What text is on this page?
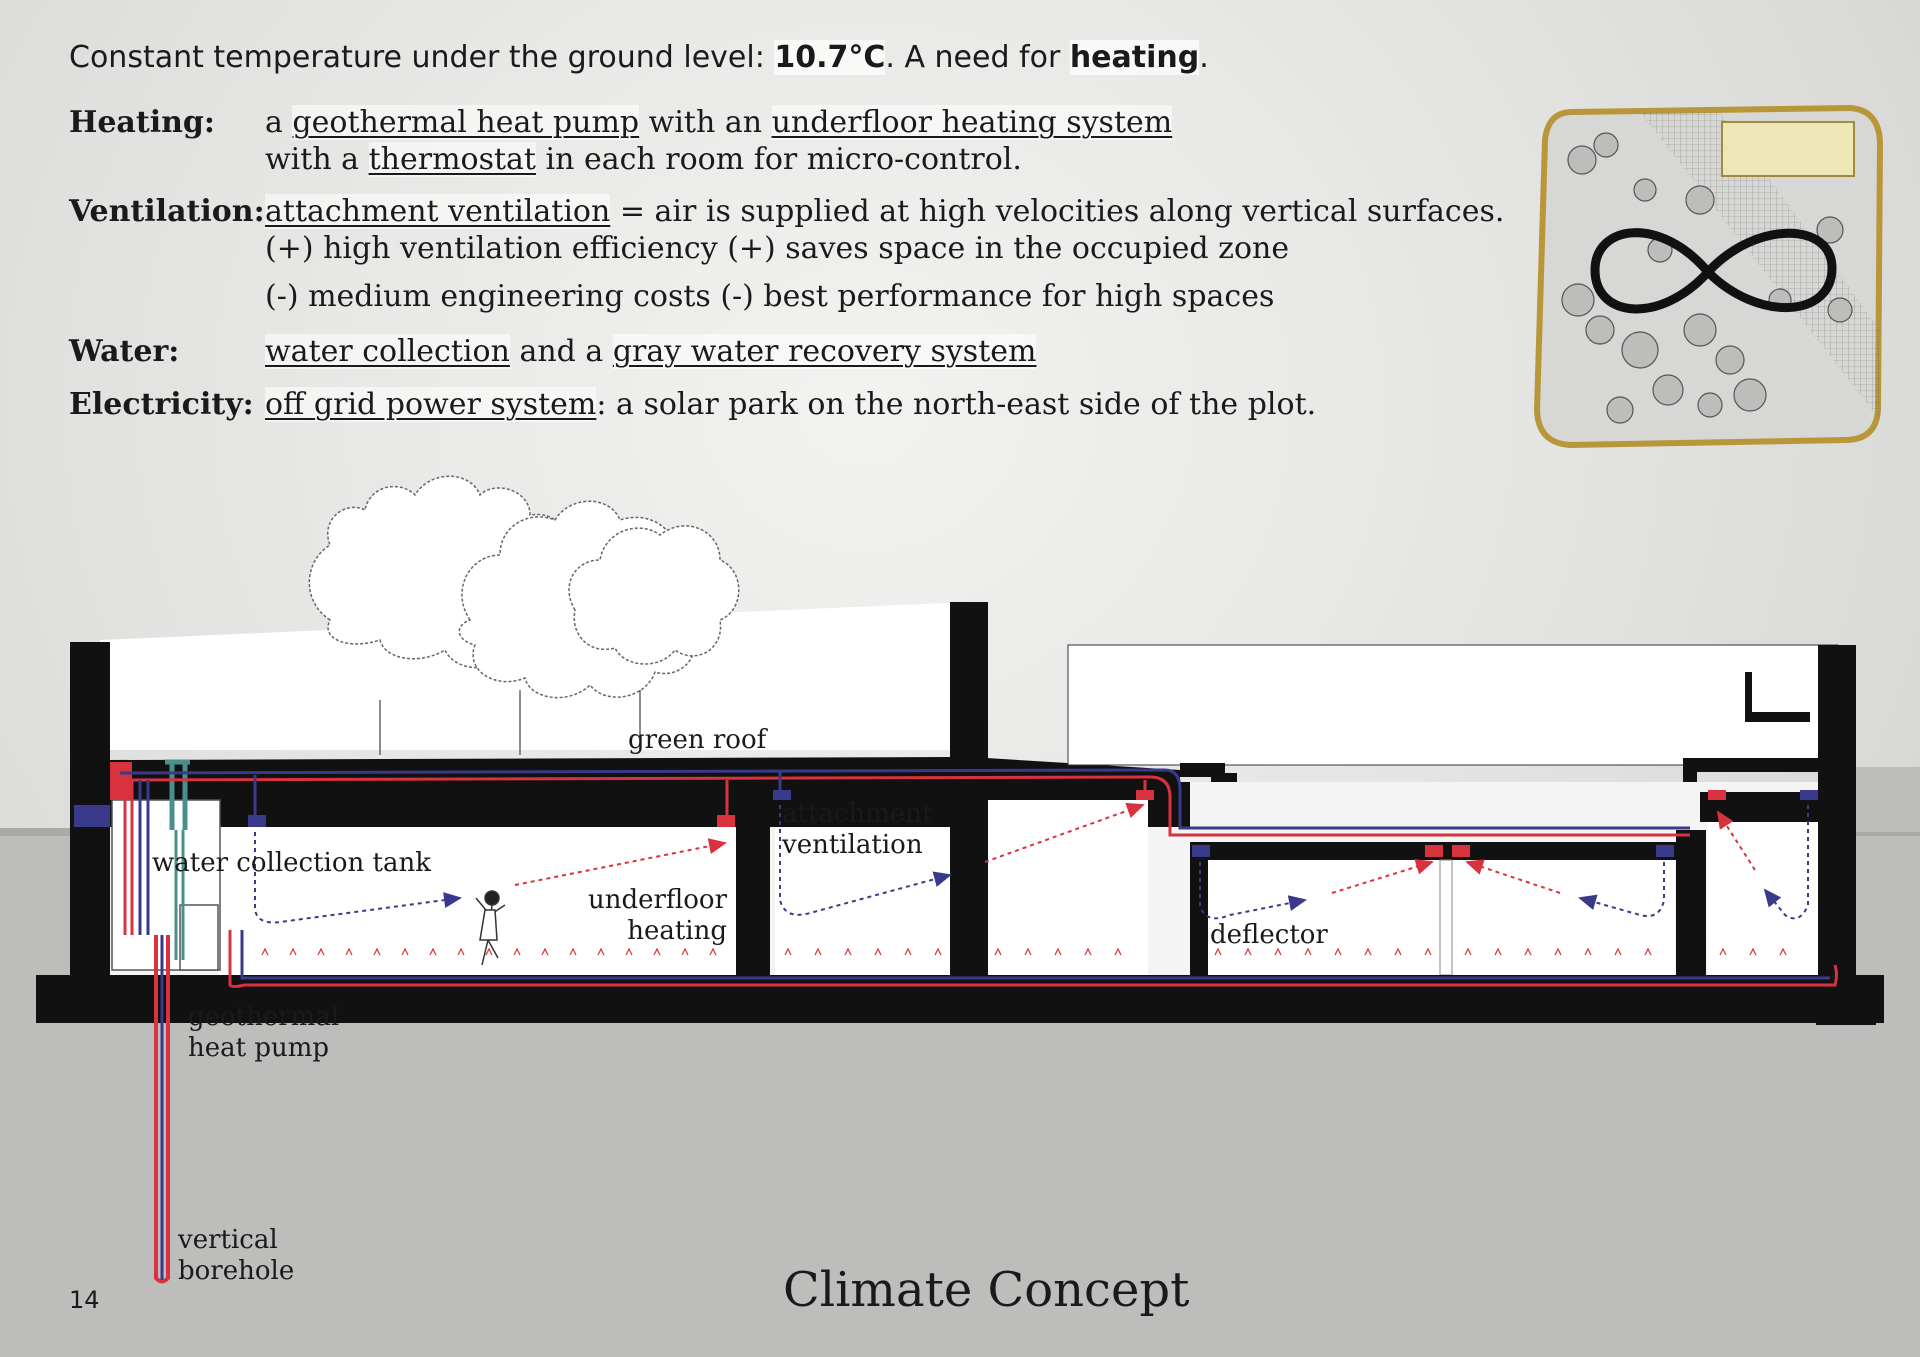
Constant temperature under the ground level: 10.7°C. A need for heating.
Heating: a geothermal heat pump with an underfloor heating system
with a thermostat in each room for micro-control.
Ventilation: attachment ventilation = air is supplied at high velocities along vertical surfaces.
(+) high ventilation efficiency (+) saves space in the occupied zone
(-) medium engineering costs (-) best performance for high spaces
Water:	water collection and a gray water recovery system
Electricity: off grid power system: a solar park on the north-east side of the plot.
green roof
water collection tank
underfloor
heating
attachment
ventilation
deflector
geothermal
heat pump
vertical
borehole
14	Climate Concept
